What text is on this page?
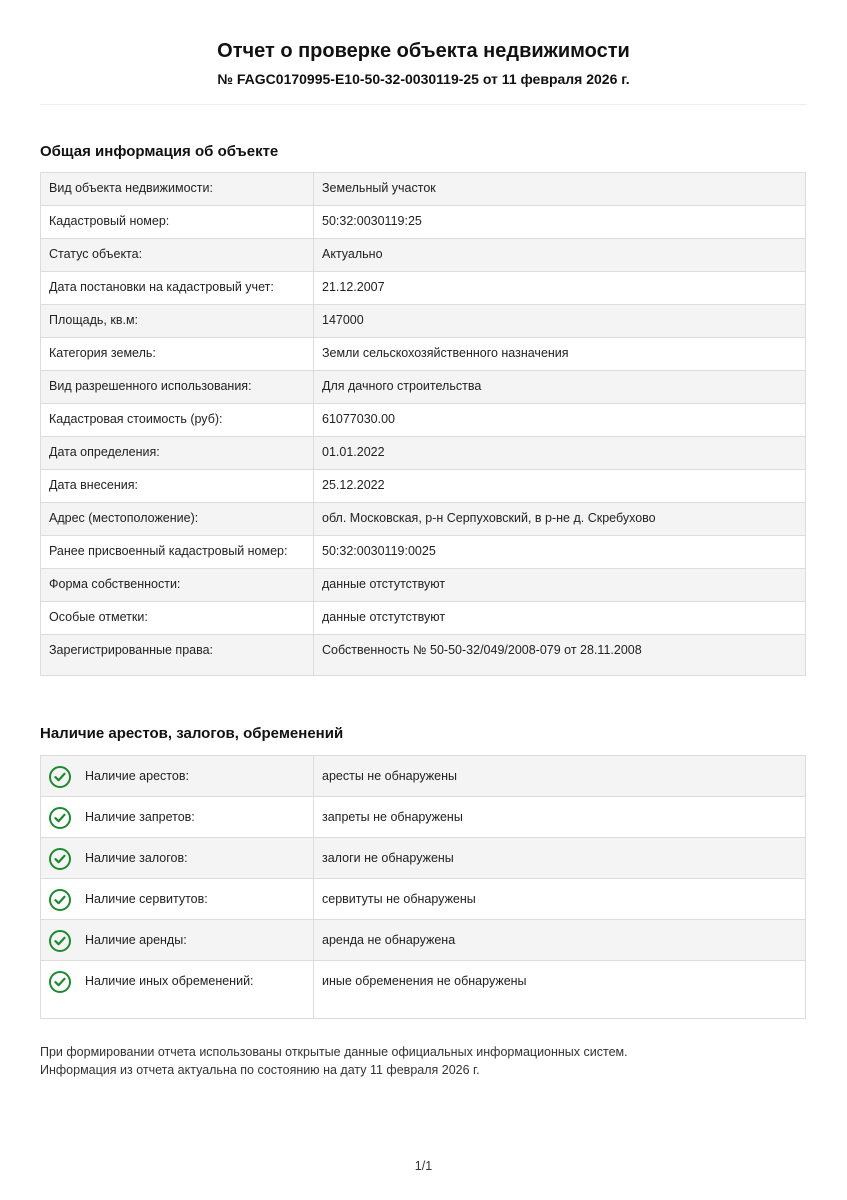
Отчет о проверке объекта недвижимости
№ FAGC0170995-E10-50-32-0030119-25 от 11 февраля 2026 г.
Общая информация об объекте
Вид объекта недвижимости:	Земельный участок
Кадастровый номер:	50:32:0030119:25
Статус объекта:	Актуально
Дата постановки на кадастровый учет:	21.12.2007
Площадь, кв.м:	147000
Категория земель:	Земли сельскохозяйственного назначения
Вид разрешенного использования:	Для дачного строительства
Кадастровая стоимость (руб):	61077030.00
Дата определения:	01.01.2022
Дата внесения:	25.12.2022
Адрес (местоположение):	обл. Московская, р-н Серпуховский, в р-не д. Скребухово
Ранее присвоенный кадастровый номер:	50:32:0030119:0025
Форма собственности:	данные отстутствуют
Особые отметки:	данные отстутствуют
Зарегистрированные права:	Собственность № 50-50-32/049/2008-079 от 28.11.2008
Наличие арестов, залогов, обременений
Наличие арестов:	аресты не обнаружены

Наличие запретов:	запреты не обнаружены

Наличие залогов:	залоги не обнаружены

Наличие сервитутов:	сервитуты не обнаружены

Наличие аренды:	аренда не обнаружена

Наличие иных обременений:	иные обременения не обнаружены
При формировании отчета использованы открытые данные официальных информационных систем.
Информация из отчета актуальна по состоянию на дату 11 февраля 2026 г.
1/1
